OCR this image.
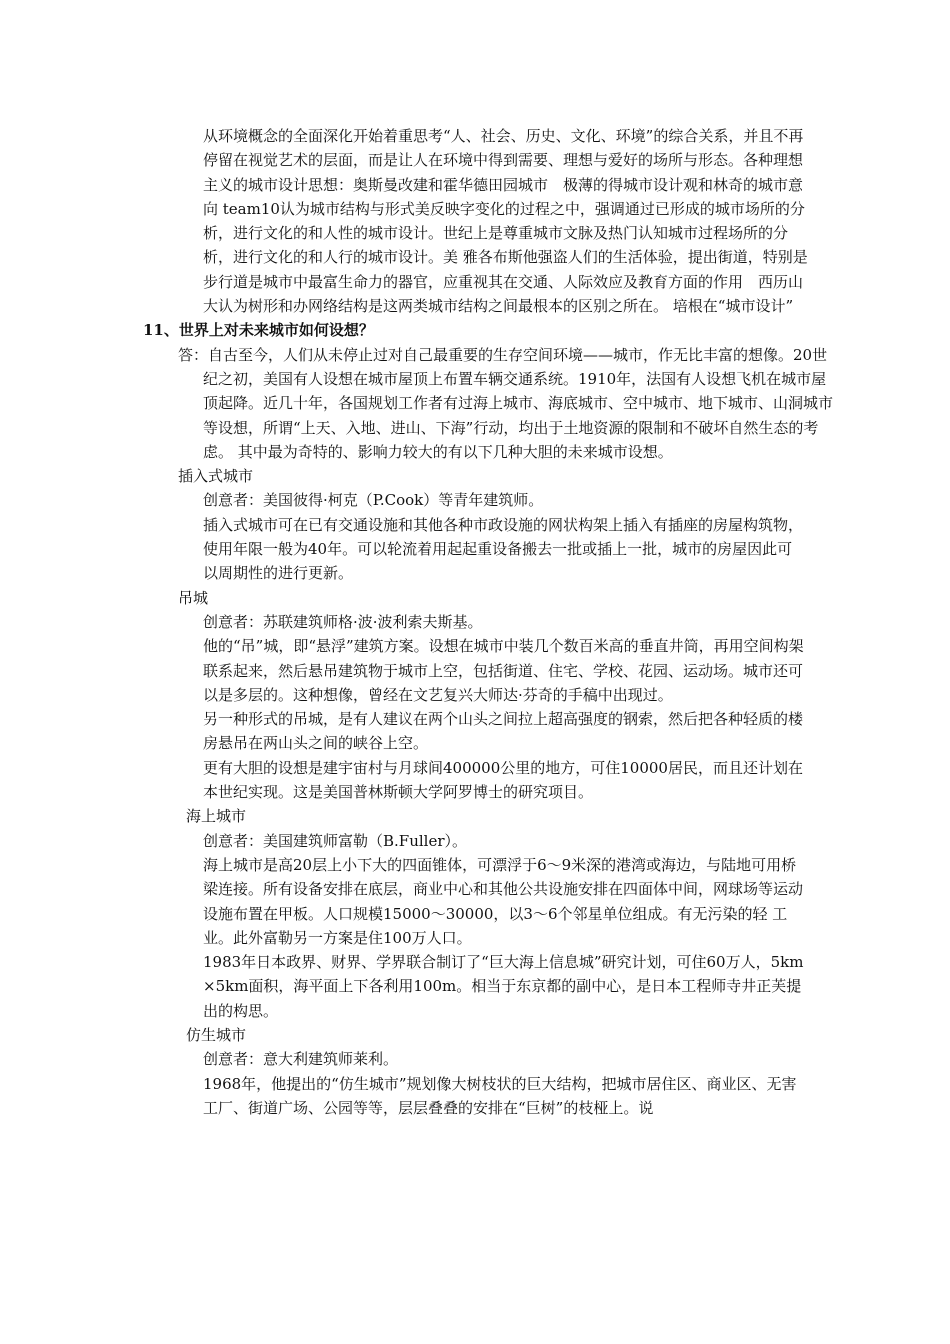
从环境概念的全面深化开始着重思考“人、社会、历史、文化、环境”的综合关系，并且不再停留在视觉艺术的层面，而是让人在环境中得到需要、理想与爱好的场所与形态。各种理想主义的城市设计思想：奥斯曼改建和霍华德田园城市　极薄的得城市设计观和林奇的城市意向 team10认为城市结构与形式美反映字变化的过程之中，强调通过已形成的城市场所的分析，进行文化的和人性的城市设计。世纪上是尊重城市文脉及热门认知城市过程场所的分析，进行文化的和人行的城市设计。美 雅各布斯他强盗人们的生活体验，提出街道，特别是步行道是城市中最富生命力的器官，应重视其在交通、人际效应及教育方面的作用　西历山大认为树形和办网络结构是这两类城市结构之间最根本的区别之所在。 培根在“城市设计”

11、世界上对未来城市如何设想？

答：自古至今，人们从未停止过对自己最重要的生存空间环境——城市，作无比丰富的想像。20世纪之初，美国有人设想在城市屋顶上布置车辆交通系统。1910年，法国有人设想飞机在城市屋顶起降。近几十年，各国规划工作者有过海上城市、海底城市、空中城市、地下城市、山洞城市等设想，所谓“上天、入地、进山、下海”行动，均出于土地资源的限制和不破坏自然生态的考虑。 其中最为奇特的、影响力较大的有以下几种大胆的未来城市设想。

插入式城市

创意者：美国彼得·柯克（P.Cook）等青年建筑师。

插入式城市可在已有交通设施和其他各种市政设施的网状构架上插入有插座的房屋构筑物，使用年限一般为40年。可以轮流着用起起重设备搬去一批或插上一批，城市的房屋因此可以周期性的进行更新。

吊城

创意者：苏联建筑师格·波·波利索夫斯基。

他的“吊”城，即“悬浮”建筑方案。设想在城市中装几个数百米高的垂直井筒，再用空间构架联系起来，然后悬吊建筑物于城市上空，包括街道、住宅、学校、花园、运动场。城市还可以是多层的。这种想像，曾经在文艺复兴大师达·芬奇的手稿中出现过。

另一种形式的吊城，是有人建议在两个山头之间拉上超高强度的钢索，然后把各种轻质的楼房悬吊在两山头之间的峡谷上空。

更有大胆的设想是建宇宙村与月球间400000公里的地方，可住10000居民，而且还计划在本世纪实现。这是美国普林斯顿大学阿罗博士的研究项目。

海上城市

创意者：美国建筑师富勒（B.Fuller）。

海上城市是高20层上小下大的四面锥体，可漂浮于6～9米深的港湾或海边，与陆地可用桥梁连接。所有设备安排在底层，商业中心和其他公共设施安排在四面体中间，网球场等运动设施布置在甲板。人口规模15000～30000，以3～6个邻星单位组成。有无污染的轻 工业。此外富勒另一方案是住100万人口。

1983年日本政界、财界、学界联合制订了“巨大海上信息城”研究计划，可住60万人，5km×5km面积，海平面上下各利用100m。相当于东京都的副中心，是日本工程师寺井正芙提出的构思。

仿生城市

创意者：意大利建筑师莱利。

1968年，他提出的“仿生城市”规划像大树枝状的巨大结构，把城市居住区、商业区、无害工厂、街道广场、公园等等，层层叠叠的安排在“巨树”的枝桠上。说
